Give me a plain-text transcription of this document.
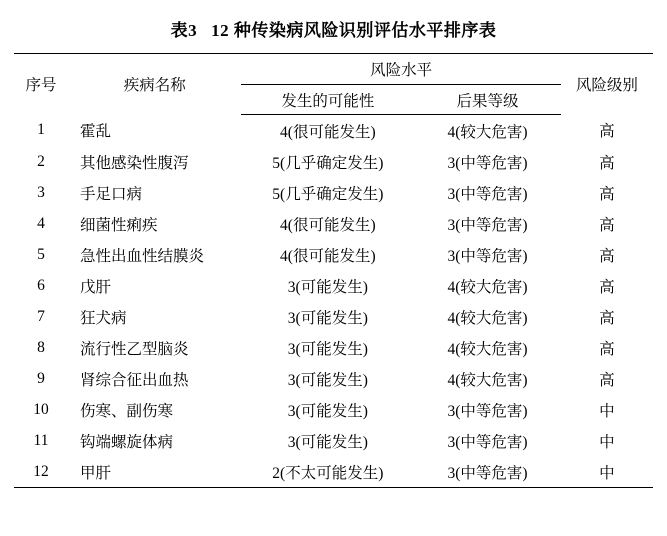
表3 12 种传染病风险识别评估水平排序表
序号	疾病名称	风险水平		风险级别
		发生的可能性	后果等级	
1	霍乱	4(很可能发生)	4(较大危害)	高
2	其他感染性腹泻	5(几乎确定发生)	3(中等危害)	高
3	手足口病	5(几乎确定发生)	3(中等危害)	高
4	细菌性痢疾	4(很可能发生)	3(中等危害)	高
5	急性出血性结膜炎	4(很可能发生)	3(中等危害)	高
6	戊肝	3(可能发生)	4(较大危害)	高
7	狂犬病	3(可能发生)	4(较大危害)	高
8	流行性乙型脑炎	3(可能发生)	4(较大危害)	高
9	肾综合征出血热	3(可能发生)	4(较大危害)	高
10	伤寒、副伤寒	3(可能发生)	3(中等危害)	中
11	钩端螺旋体病	3(可能发生)	3(中等危害)	中
12	甲肝	2(不太可能发生)	3(中等危害)	中
